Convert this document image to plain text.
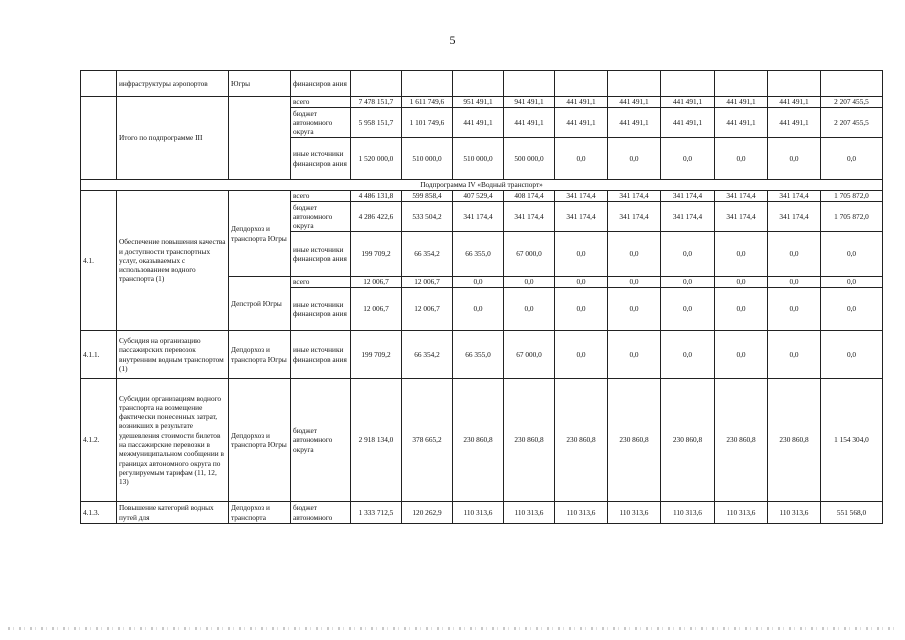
5
	инфраструктуры аэропортов	Югры	финансиров ания										
	Итого по подпрограмме III		всего	7 478 151,7	1 611 749,6	951 491,1	941 491,1	441 491,1	441 491,1	441 491,1	441 491,1	441 491,1	2 207 455,5
			бюджет автономного округа	5 958 151,7	1 101 749,6	441 491,1	441 491,1	441 491,1	441 491,1	441 491,1	441 491,1	441 491,1	2 207 455,5
			иные источники финансиров ания	1 520 000,0	510 000,0	510 000,0	500 000,0	0,0	0,0	0,0	0,0	0,0	0,0
Подпрограмма IV «Водный транспорт»													
4.1.	Обеспечение повышения качества и доступности транспортных услуг, оказываемых с использованием водного транспорта (1)	Депдорхоз и транспорта Югры	всего	4 486 131,8	599 858,4	407 529,4	408 174,4	341 174,4	341 174,4	341 174,4	341 174,4	341 174,4	1 705 872,0
			бюджет автономного округа	4 286 422,6	533 504,2	341 174,4	341 174,4	341 174,4	341 174,4	341 174,4	341 174,4	341 174,4	1 705 872,0
			иные источники финансиров ания	199 709,2	66 354,2	66 355,0	67 000,0	0,0	0,0	0,0	0,0	0,0	0,0
		Депстрой Югры	всего	12 006,7	12 006,7	0,0	0,0	0,0	0,0	0,0	0,0	0,0	0,0
			иные источники финансиров ания	12 006,7	12 006,7	0,0	0,0	0,0	0,0	0,0	0,0	0,0	0,0
4.1.1.	Субсидия на организацию пассажирских перевозок внутренним водным транспортом (1)	Депдорхоз и транспорта Югры	иные источники финансиров ания	199 709,2	66 354,2	66 355,0	67 000,0	0,0	0,0	0,0	0,0	0,0	0,0
4.1.2.	Субсидии организациям водного транспорта на возмещение фактически понесенных затрат, возникших в результате удешевления стоимости билетов на пассажирские перевозки в межмуниципальном сообщении в границах автономного округа по регулируемым тарифам (11, 12, 13)	Депдорхоз и транспорта Югры	бюджет автономного округа	2 918 134,0	378 665,2	230 860,8	230 860,8	230 860,8	230 860,8	230 860,8	230 860,8	230 860,8	1 154 304,0
4.1.3.	Повышение категорий водных путей для	Депдорхоз и транспорта	бюджет автономного	1 333 712,5	120 262,9	110 313,6	110 313,6	110 313,6	110 313,6	110 313,6	110 313,6	110 313,6	551 568,0
